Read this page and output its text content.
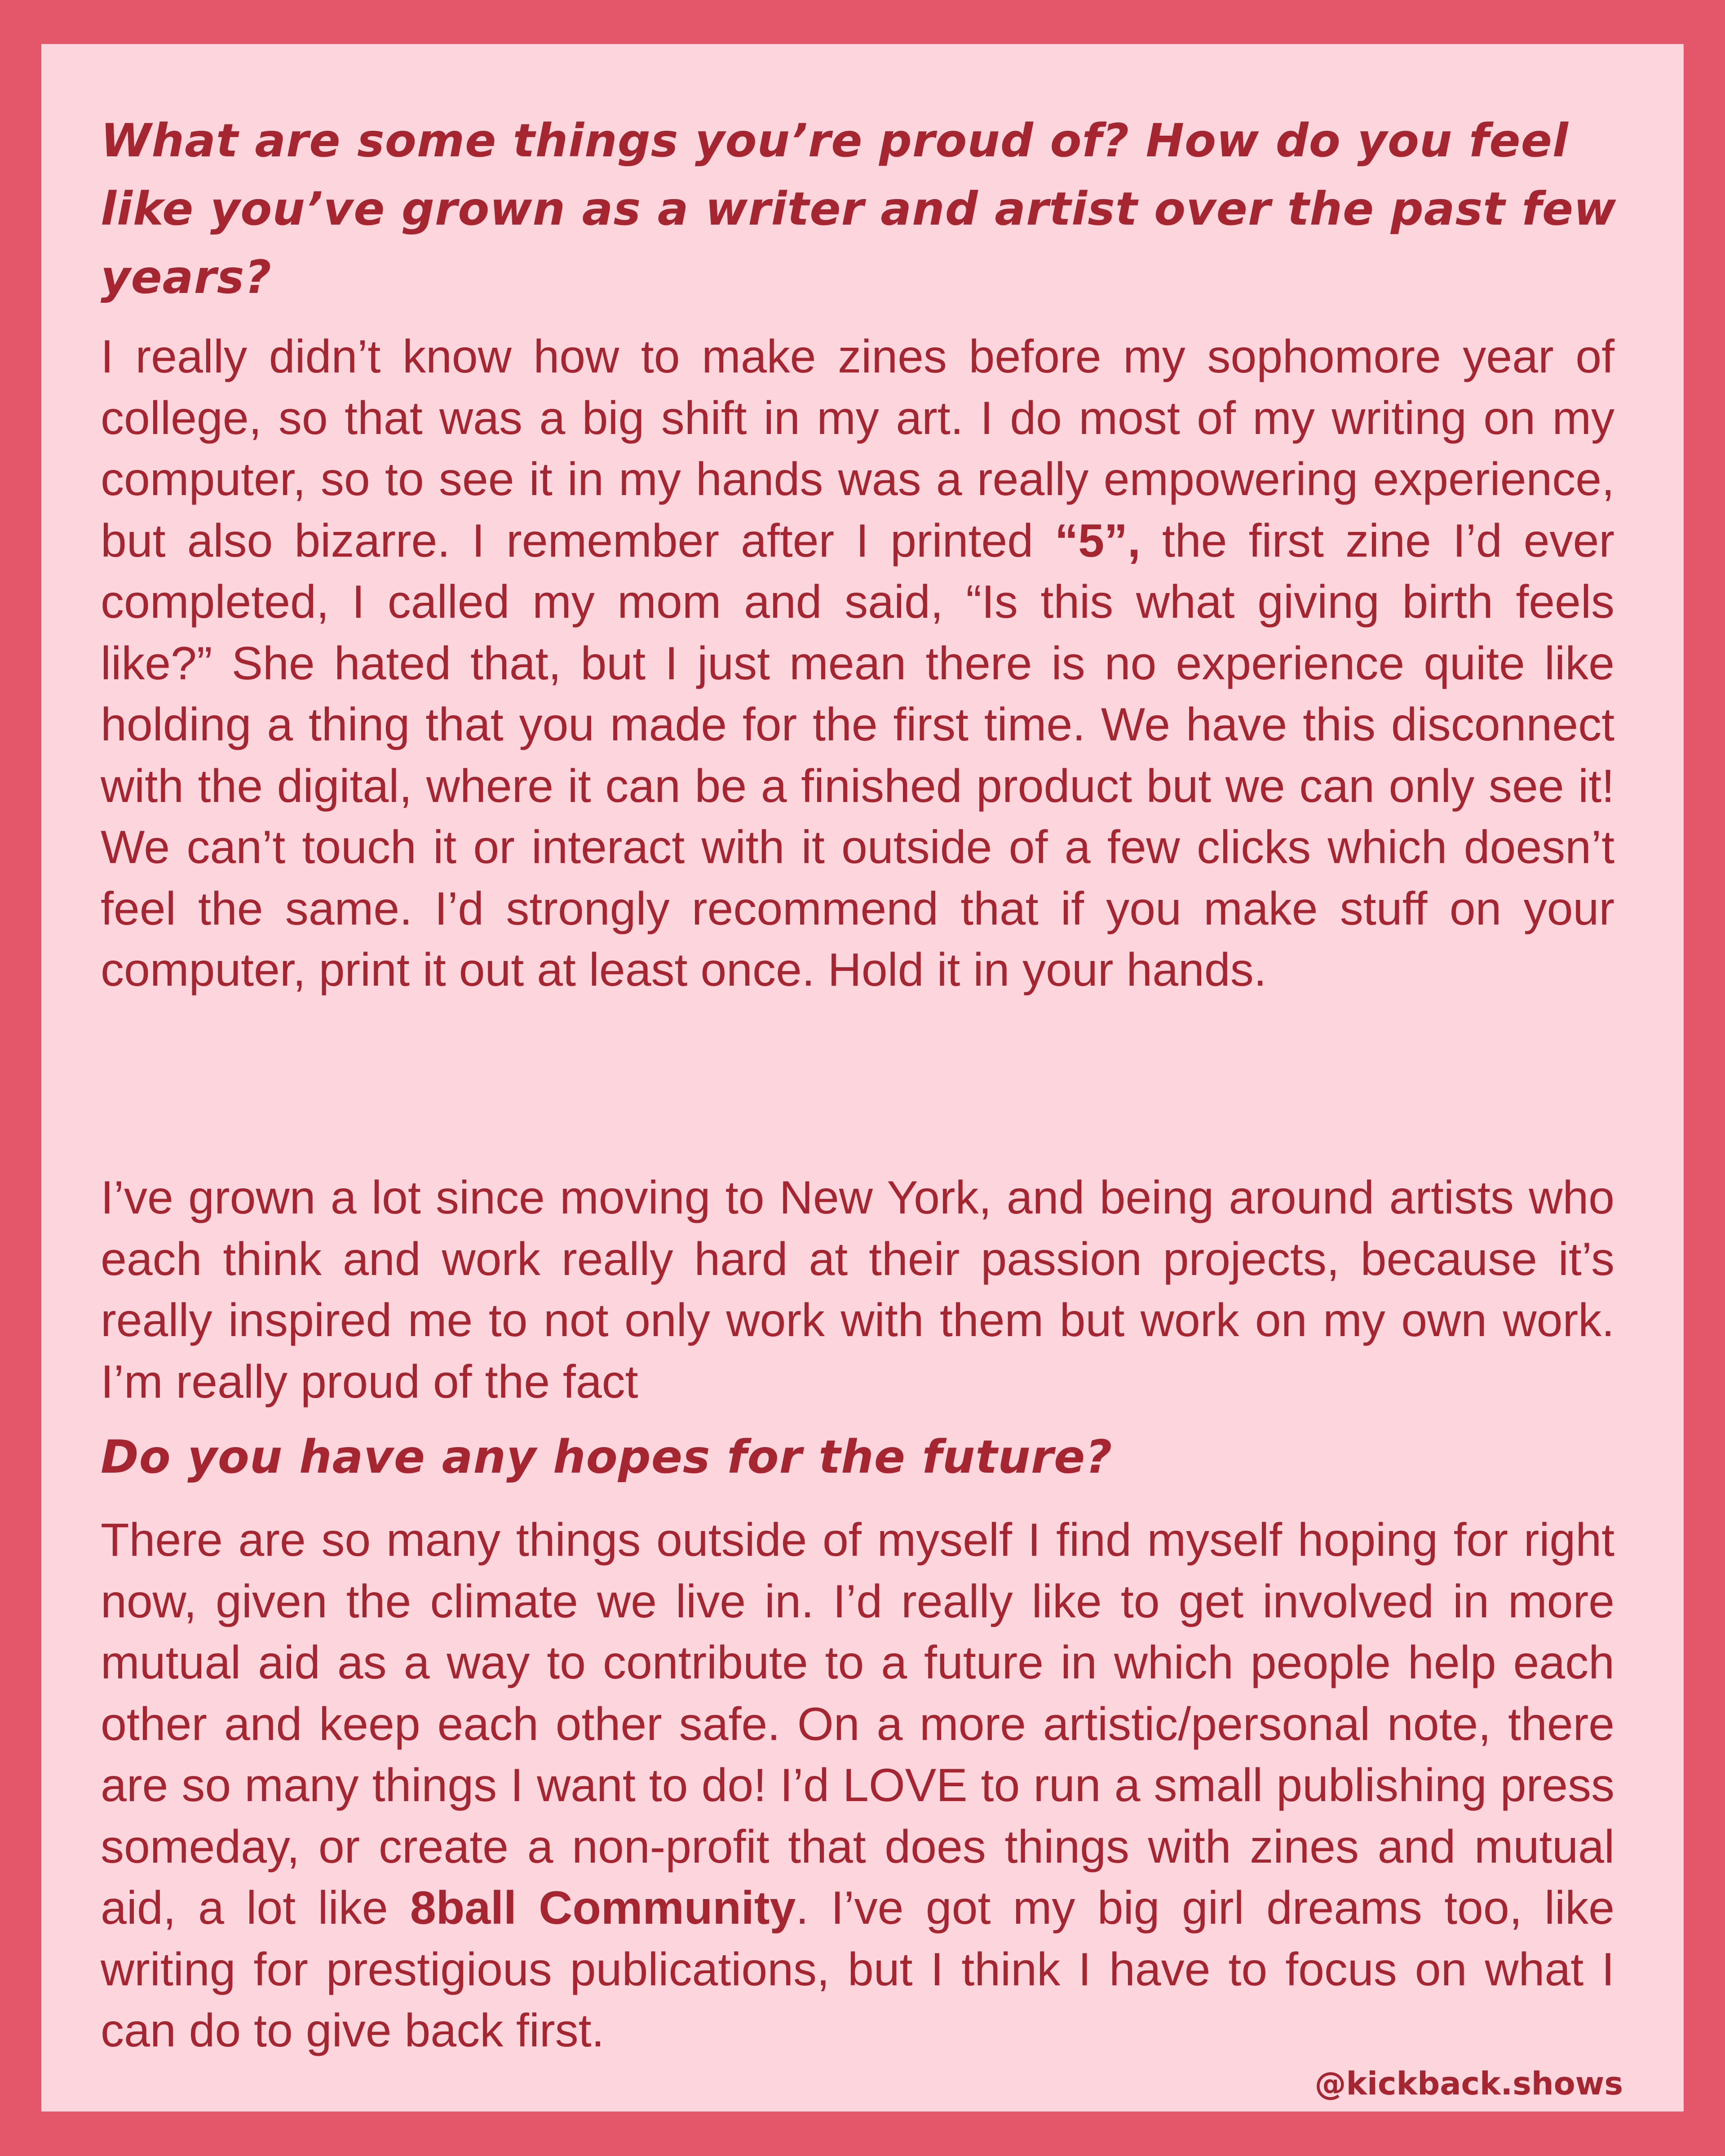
What are some things you’re proud of? How do you feel like you’ve grown as a writer and artist over the past few years?

I really didn’t know how to make zines before my sophomore year of college, so that was a big shift in my art. I do most of my writing on my computer, so to see it in my hands was a really empowering experience, but also bizarre. I remember after I printed “5”, the first zine I’d ever completed, I called my mom and said, “Is this what giving birth feels like?” She hated that, but I just mean there is no experience quite like holding a thing that you made for the first time. We have this disconnect with the digital, where it can be a finished product but we can only see it! We can’t touch it or interact with it outside of a few clicks which doesn’t feel the same. I’d strongly recommend that if you make stuff on your computer, print it out at least once. Hold it in your hands.

I’ve grown a lot since moving to New York, and being around artists who each think and work really hard at their passion projects, because it’s really inspired me to not only work with them but work on my own work. I’m really proud of the fact

Do you have any hopes for the future?

There are so many things outside of myself I find myself hoping for right now, given the climate we live in. I’d really like to get involved in more mutual aid as a way to contribute to a future in which people help each other and keep each other safe. On a more artistic/personal note, there are so many things I want to do! I’d LOVE to run a small publishing press someday, or create a non-profit that does things with zines and mutual aid, a lot like 8ball Community. I’ve got my big girl dreams too, like writing for prestigious publications, but I think I have to focus on what I can do to give back first.

@kickback.shows
